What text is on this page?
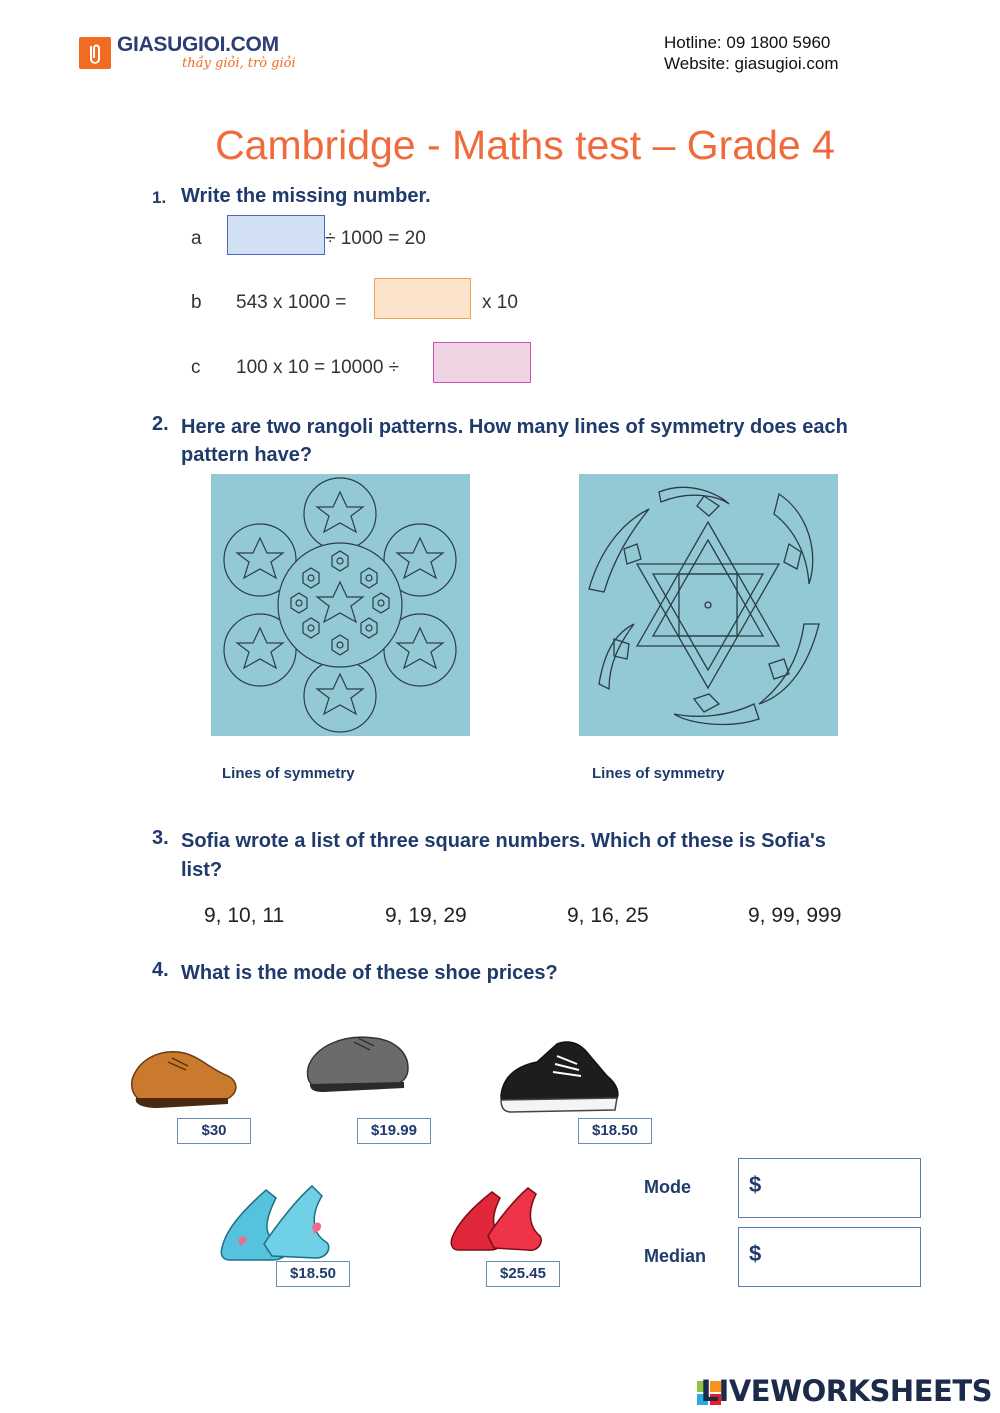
GIASUGIOI.COM
thầy giỏi, trò giỏi
Hotline: 09 1800 5960
Website: giasugioi.com
Cambridge - Maths test – Grade 4
1. Write the missing number.
a	÷ 1000 = 20
b 543 x 1000 =	x 10
c 100 x 10 = 10000 ÷
2. Here are two rangoli patterns. How many lines of symmetry does each
pattern have?
Lines of symmetry	Lines of symmetry
3. Sofia wrote a list of three square numbers. Which of these is Sofia's
list?
9, 10, 11	9, 19, 29	9, 16, 25	9, 99, 999
4. What is the mode of these shoe prices?
$30	$19.99	$18.50
$18.50	$25.45
Mode	$
Median $
LIVEWORKSHEETS
